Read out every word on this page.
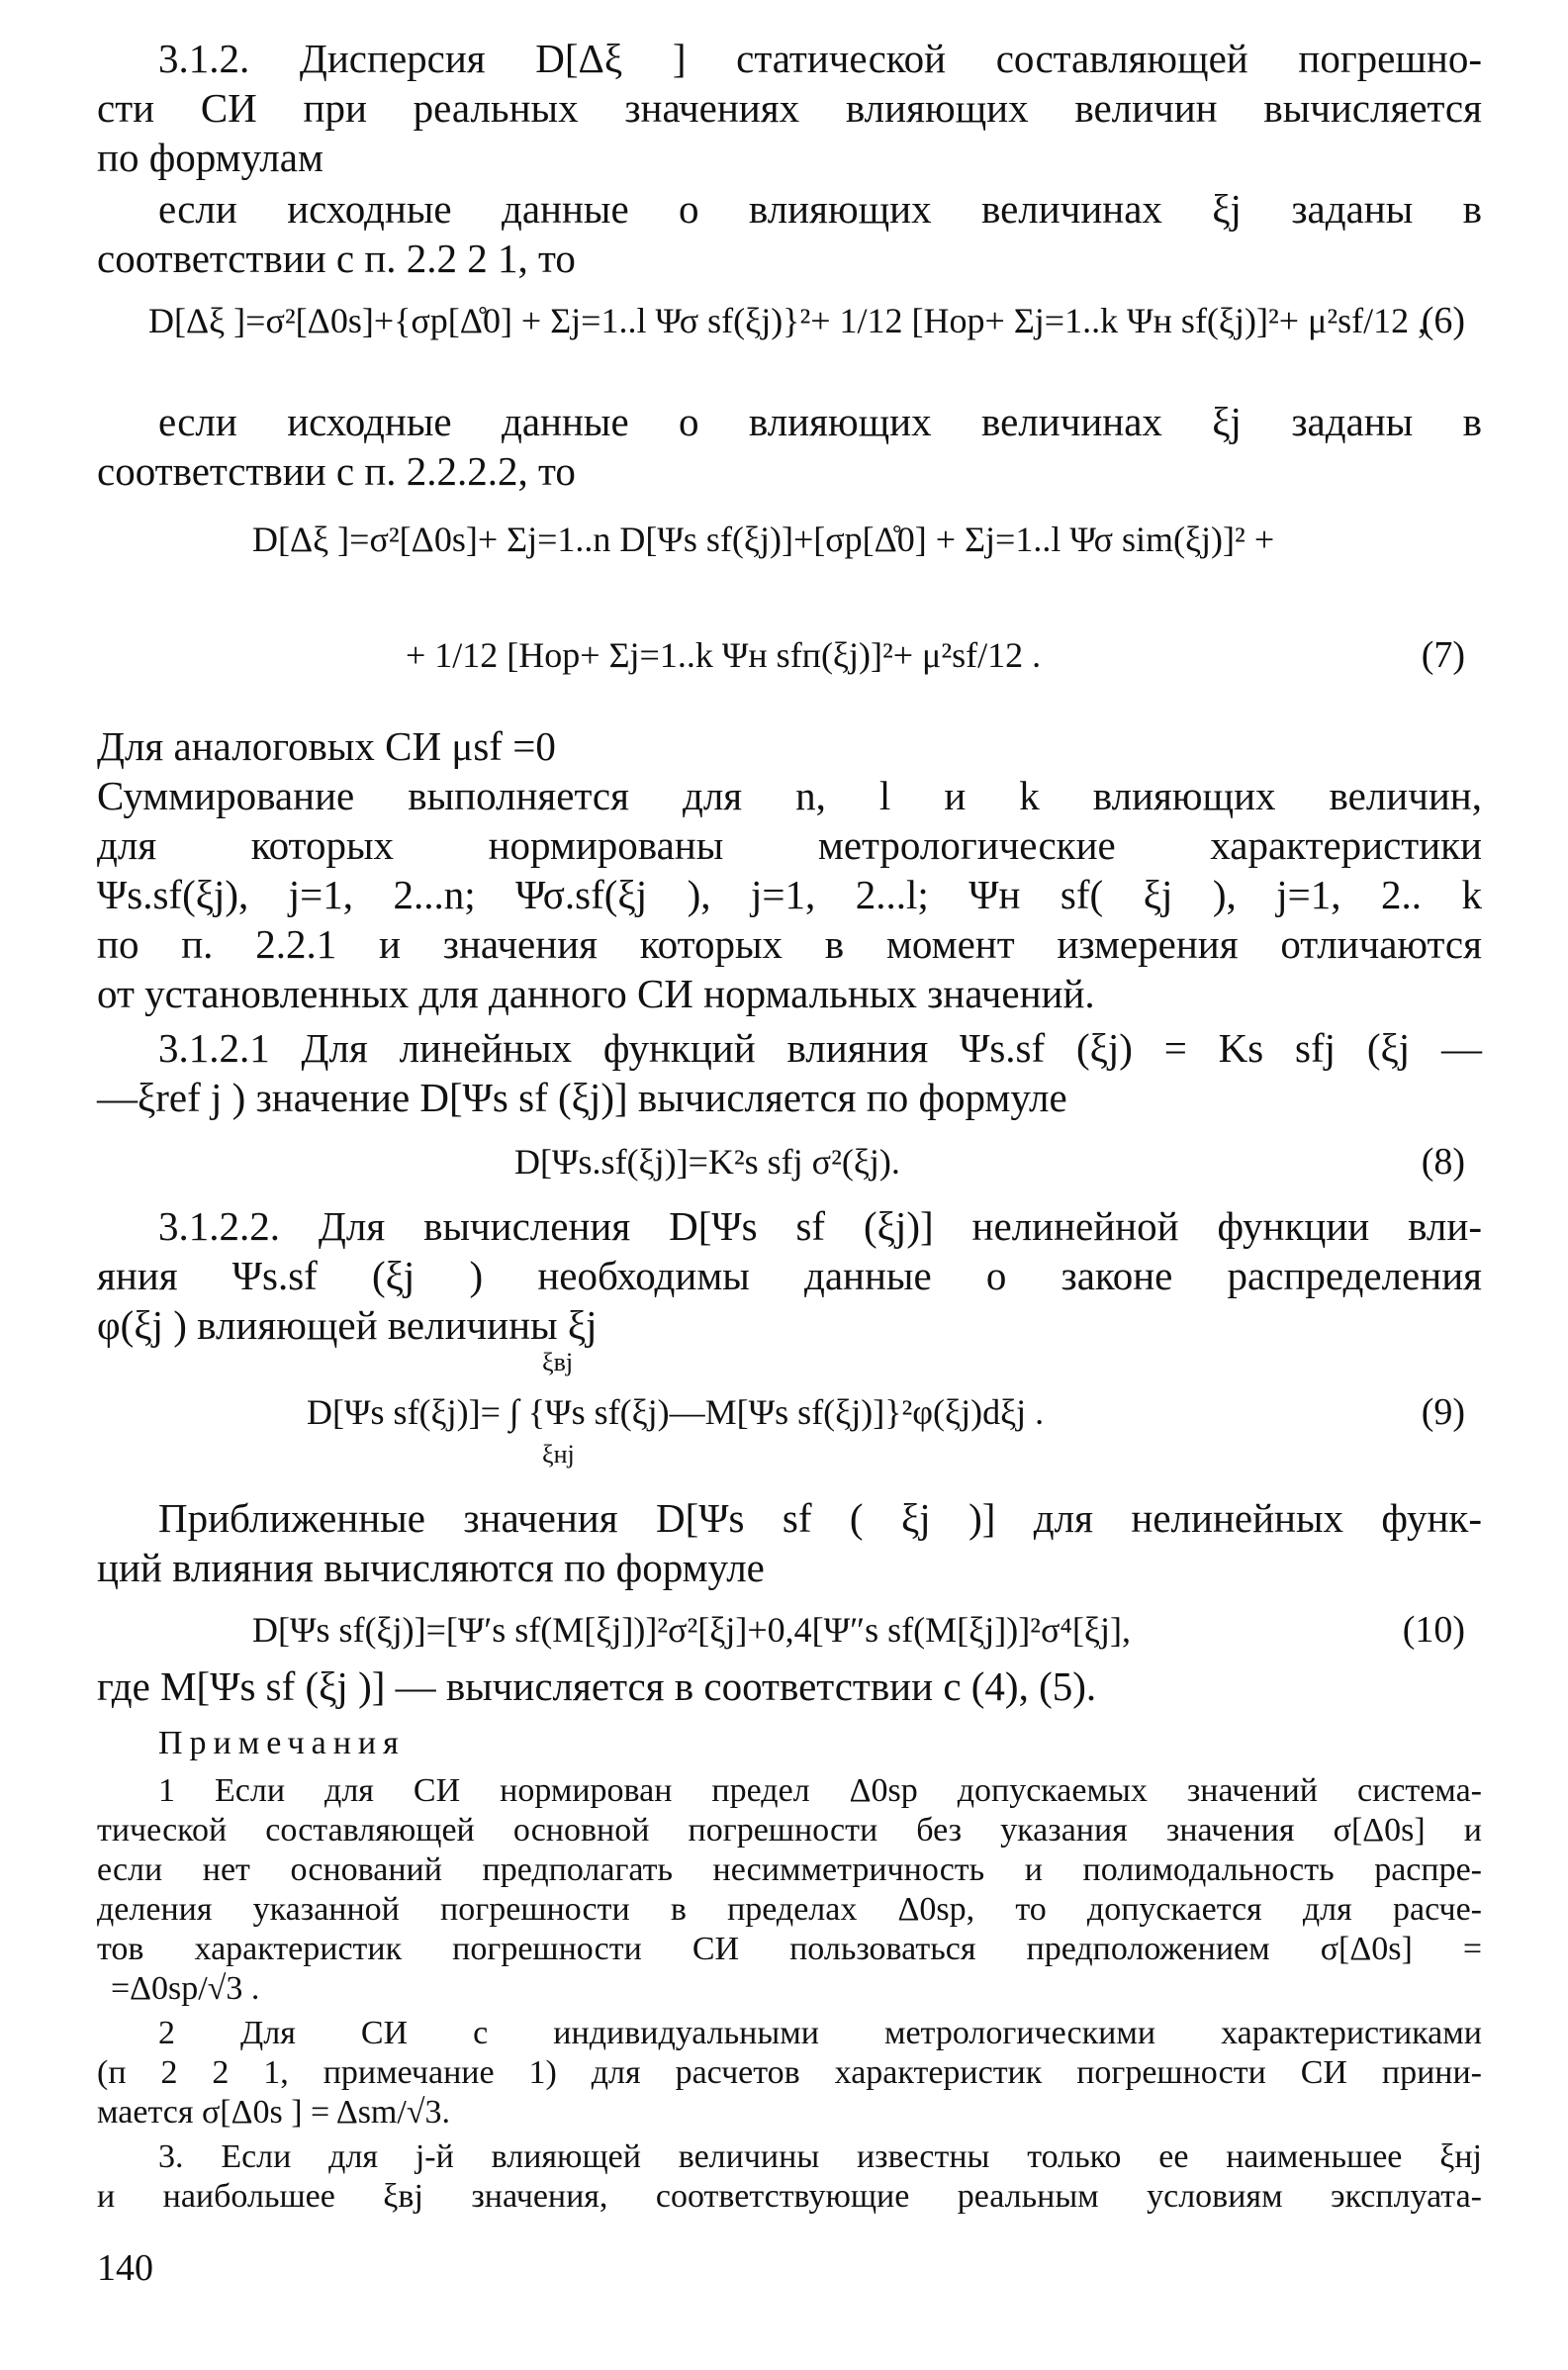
3.1.2. Дисперсия D[Δξ ] статической составляющей погрешно-
сти СИ при реальных значениях влияющих величин вычисляется
по формулам
если исходные данные о влияющих величинах ξj заданы в
соответствии с п. 2.2 2 1, то
D[Δξ ]=σ²[Δ0s]+{σp[Δ̊0] + Σj=1..l Ψσ sf(ξj)}²+ 1/12 [Hop+ Σj=1..k Ψн sf(ξj)]²+ μ²sf/12 ,
(6)
если исходные данные о влияющих величинах ξj заданы в
соответствии с п. 2.2.2.2, то
D[Δξ ]=σ²[Δ0s]+ Σj=1..n D[Ψs sf(ξj)]+[σp[Δ̊0] + Σj=1..l Ψσ sim(ξj)]² +
+ 1/12 [Hop+ Σj=1..k Ψн sfп(ξj)]²+ μ²sf/12 .	(7)
Для аналоговых СИ μsf =0
Суммирование выполняется для n, l и k влияющих величин,
для которых нормированы метрологические характеристики
Ψs.sf(ξj), j=1, 2...n; Ψσ.sf(ξj ), j=1, 2...l; Ψн sf( ξj ), j=1, 2.. k
по п. 2.2.1 и значения которых в момент измерения отличаются
от установленных для данного СИ нормальных значений.
3.1.2.1 Для линейных функций влияния Ψs.sf (ξj) = Ks sfj (ξj —
—ξref j ) значение D[Ψs sf (ξj)] вычисляется по формуле
D[Ψs.sf(ξj)]=K²s sfj σ²(ξj).	(8)
3.1.2.2. Для вычисления D[Ψs sf (ξj)] нелинейной функции вли-
яния Ψs.sf (ξj ) необходимы данные о законе распределения
φ(ξj ) влияющей величины ξj
ξвj
D[Ψs sf(ξj)]= ∫ {Ψs sf(ξj)—M[Ψs sf(ξj)]}²φ(ξj)dξj .
ξнj
(9)
Приближенные значения D[Ψs sf ( ξj )] для нелинейных функ-
ций влияния вычисляются по формуле
D[Ψs sf(ξj)]=[Ψ′s sf(M[ξj])]²σ²[ξj]+0,4[Ψ″s sf(M[ξj])]²σ⁴[ξj],	(10)
где M[Ψs sf (ξj )] — вычисляется в соответствии с (4), (5).
Примечания
1 Если для СИ нормирован предел Δ0sp допускаемых значений система-
тической составляющей основной погрешности без указания значения σ[Δ0s] и
если нет оснований предполагать несимметричность и полимодальность распре-
деления указанной погрешности в пределах Δ0sp, то допускается для расче-
тов характеристик погрешности СИ пользоваться предположением σ[Δ0s] =
=Δ0sp/√3 .
2 Для СИ с индивидуальными метрологическими характеристиками
(п 2 2 1, примечание 1) для расчетов характеристик погрешности СИ прини-
мается σ[Δ0s ] = Δsm/√3.
3. Если для j-й влияющей величины известны только ее наименьшее ξнj
и наибольшее ξвj значения, соответствующие реальным условиям эксплуата-
140
